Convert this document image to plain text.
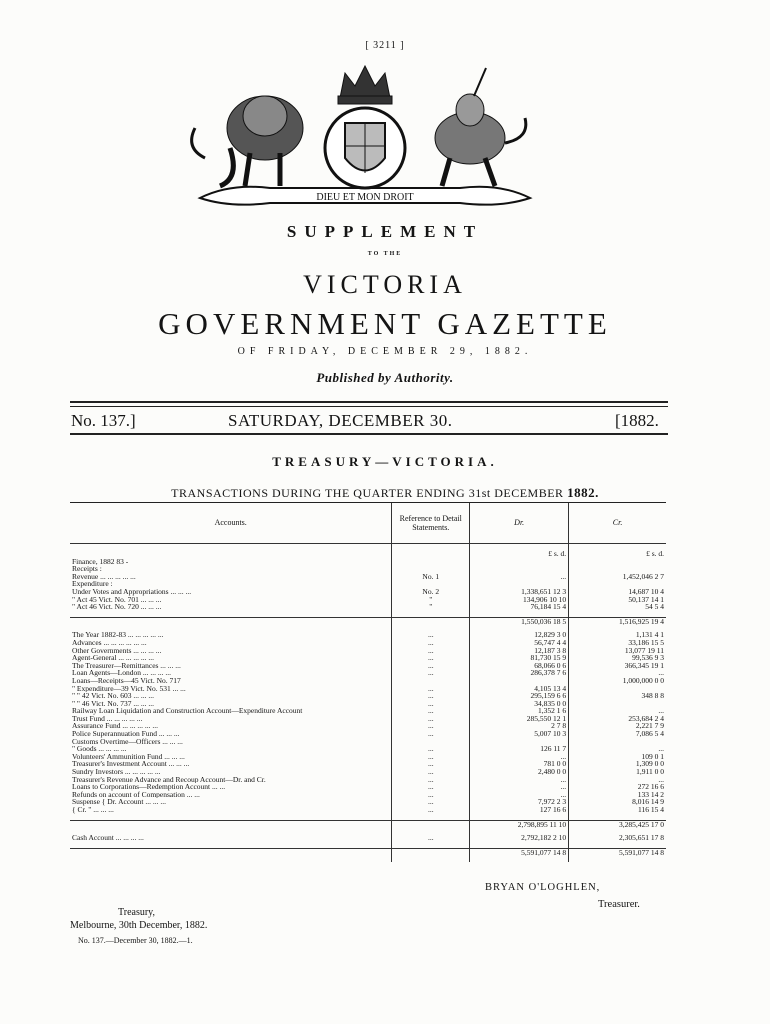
[ 3211 ]
DIEU ET MON DROIT
SUPPLEMENT
TO THE
VICTORIA
GOVERNMENT GAZETTE
OF FRIDAY, DECEMBER 29, 1882.
Published by Authority.
No. 137.]	SATURDAY, DECEMBER 30.	[1882.
TREASURY—VICTORIA.
TRANSACTIONS DURING THE QUARTER ENDING 31st DECEMBER 1882.
Accounts.	Reference to Detail Statements.	Dr.	Cr.

		£ s. d.	£ s. d.
Finance, 1882 83 -			
Receipts :			
Revenue ... ... ... ... ...	No. 1	...	1,452,046 2 7
Expenditure :			
Under Votes and Appropriations ... ... ...	No. 2	1,338,651 12 3	14,687 10 4
" Act 45 Vict. No. 701 ... ... ...	"	134,906 10 10	50,137 14 1
" Act 46 Vict. No. 720 ... ... ...	"	76,184 15 4	54 5 4

		1,550,036 18 5	1,516,925 19 4

The Year 1882-83 ... ... ... ... ...	...	12,829 3 0	1,131 4 1
Advances ... ... ... ... ... ...	...	56,747 4 4	33,186 15 5
Other Governments ... ... ... ...	...	12,187 3 8	13,077 19 11
Agent-General ... ... ... ... ...	...	81,730 15 9	99,536 9 3
The Treasurer—Remittances ... ... ...	...	68,066 0 6	366,345 19 1
Loan Agents—London ... ... ... ...	...	286,378 7 6	...
Loans—Receipts—45 Vict. No. 717			1,000,000 0 0
" Expenditure—39 Vict. No. 531 ... ...	...	4,105 13 4	
" " 42 Vict. No. 603 ... ... ...	...	295,159 6 6	348 8 8
" " 46 Vict. No. 737 ... ... ...	...	34,835 0 0	
Railway Loan Liquidation and Construction Account—Expenditure Account	...	1,352 1 6	...
Trust Fund ... ... ... ... ...	...	285,550 12 1	253,684 2 4
Assurance Fund ... ... ... ... ...	...	2 7 8	2,221 7 9
Police Superannuation Fund ... ... ...	...	5,007 10 3	7,086 5 4
Customs Overtime—Officers ... ... ...			
" Goods ... ... ... ...	...	126 11 7	...
Volunteers' Ammunition Fund ... ... ...	...	...	109 0 1
Treasurer's Investment Account ... ... ...	...	781 0 0	1,309 0 0
Sundry Investors ... ... ... ... ...	...	2,480 0 0	1,911 0 0
Treasurer's Revenue Advance and Recoup Account—Dr. and Cr.	...	...	...
Loans to Corporations—Redemption Account ... ...	...	...	272 16 6
Refunds on account of Compensation ... ...	...	...	133 14 2
Suspense { Dr. Account ... ... ...	...	7,972 2 3	8,016 14 9
{ Cr. " ... ... ...	...	127 16 6	116 15 4

		2,798,895 11 10	3,285,425 17 0

Cash Account ... ... ... ...	...	2,792,182 2 10	2,305,651 17 8

		5,591,077 14 8	5,591,077 14 8

BRYAN O'LOGHLEN,
Treasurer.
Treasury,
Melbourne, 30th December, 1882.
No. 137.—December 30, 1882.—1.
